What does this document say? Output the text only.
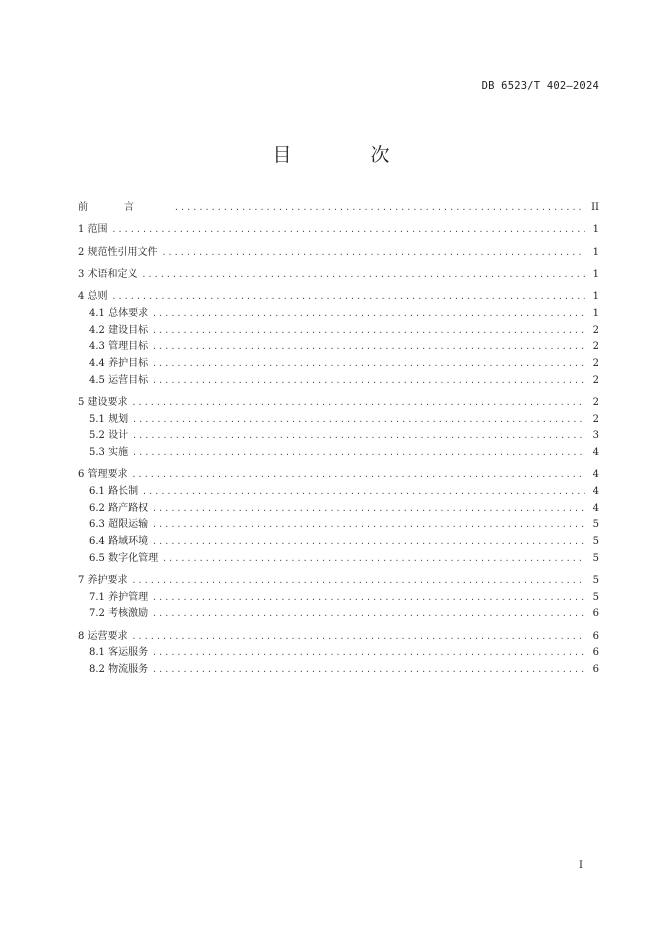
DB 6523/T 402—2024
目　次
前言 .....	II
1 范围 .....	1
2 规范性引用文件 .....	1
3 术语和定义 .....	1
4 总则 .....	1
4.1 总体要求 .....	1
4.2 建设目标 .....	2
4.3 管理目标 .....	2
4.4 养护目标 .....	2
4.5 运营目标 .....	2
5 建设要求 .....	2
5.1 规划 .....	2
5.2 设计 .....	3
5.3 实施 .....	4
6 管理要求 .....	4
6.1 路长制 .....	4
6.2 路产路权 .....	4
6.3 超限运输 .....	5
6.4 路域环境 .....	5
6.5 数字化管理 .....	5
7 养护要求 .....	5
7.1 养护管理 .....	5
7.2 考核激励 .....	6
8 运营要求 .....	6
8.1 客运服务 .....	6
8.2 物流服务 .....	6
I
